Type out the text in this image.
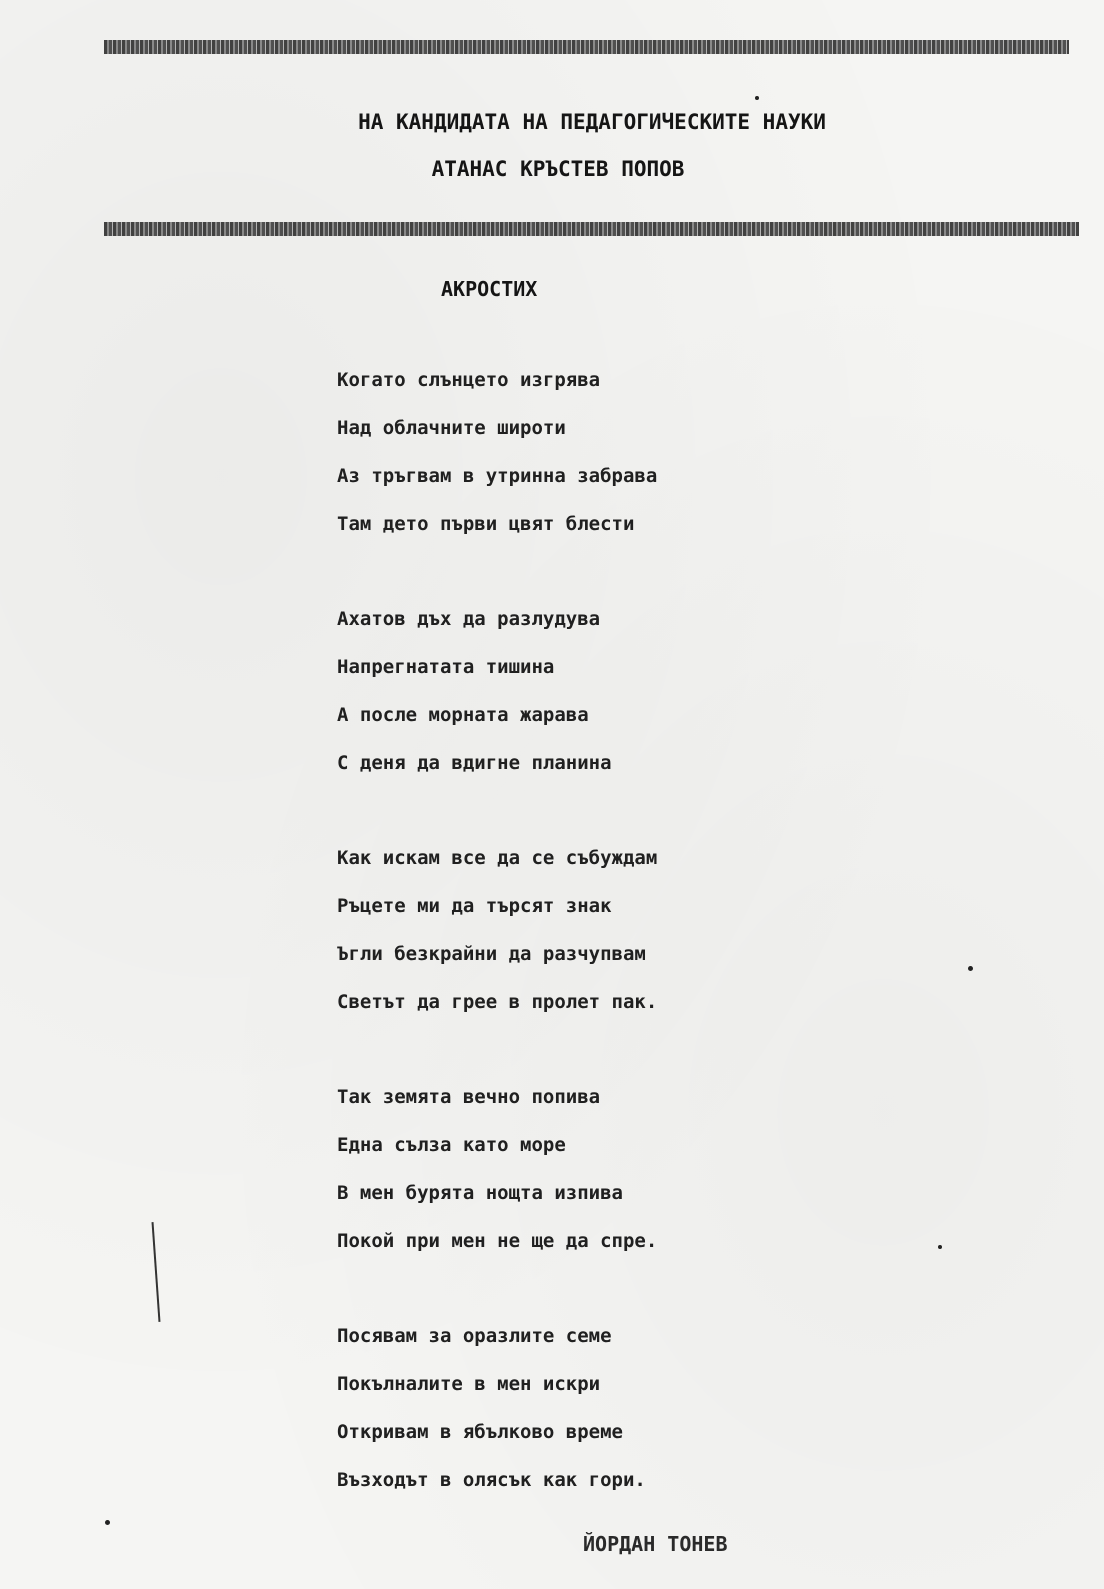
НА КАНДИДАТА НА ПЕДАГОГИЧЕСКИТЕ НАУКИ
АТАНАС КРЪСТЕВ ПОПОВ
АКРОСТИХ
Когато слънцето изгрява
Над облачните широти
Аз тръгвам в утринна забрава
Там дето първи цвят блести
Ахатов дъх да разлудува
Напрегнатата тишина
А после морната жарава
С деня да вдигне планина
Как искам все да се събуждам
Ръцете ми да търсят знак
Ъгли безкрайни да разчупвам
Светът да грее в пролет пак.
Так земята вечно попива
Една сълза като море
В мен бурята нощта изпива
Покой при мен не ще да спре.
Посявам за оразлите семе
Покълналите в мен искри
Откривам в ябълково време
Възходът в олясък как гори.
ЙОРДАН ТОНЕВ
